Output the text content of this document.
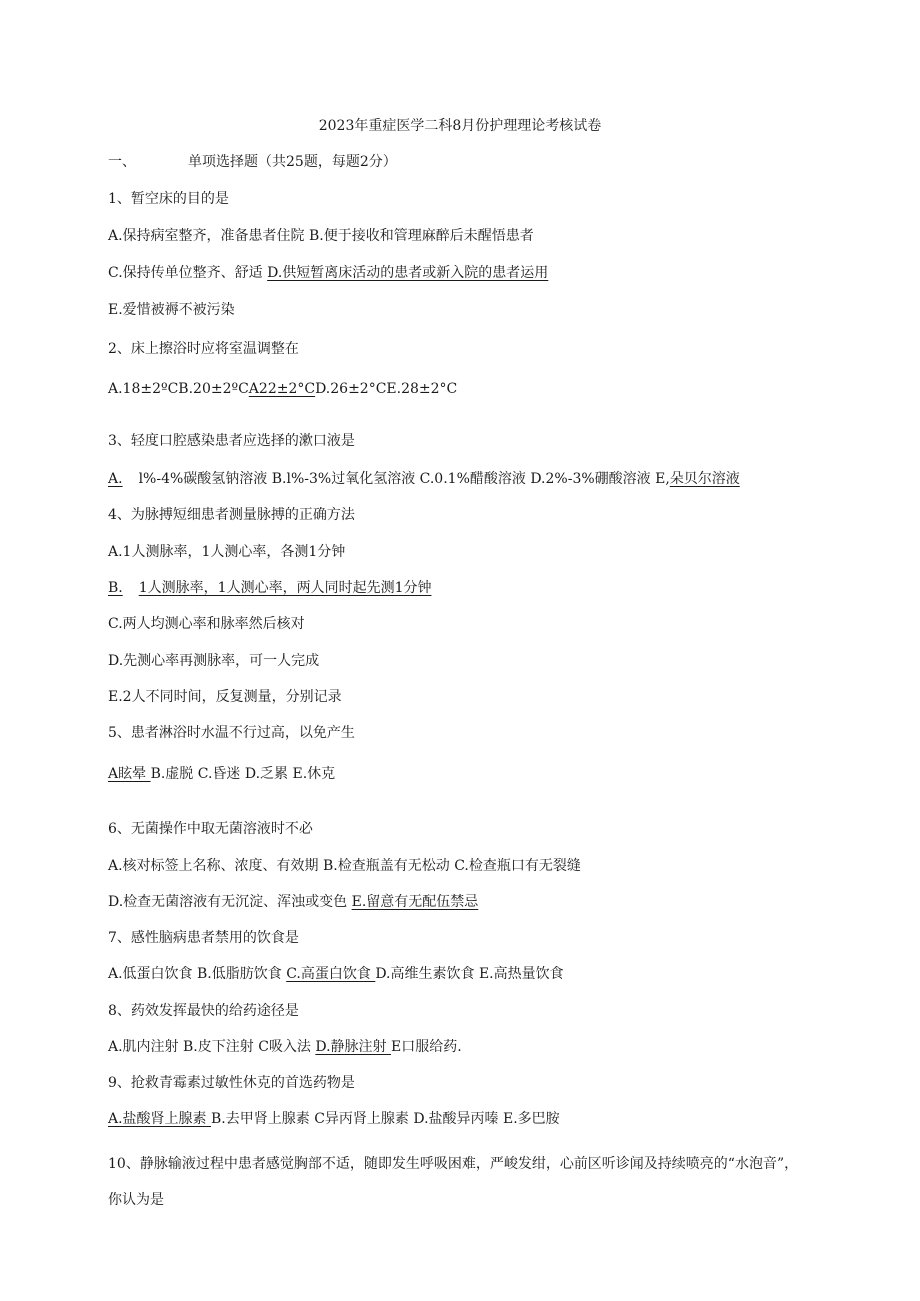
2023年重症医学二科8月份护理理论考核试卷
一、	单项选择题（共25题，每题2分）
1、暂空床的目的是
A.保持病室整齐，准备患者住院 B.便于接收和管理麻醉后未醒悟患者
C.保持传单位整齐、舒适 D.供短暂离床活动的患者或新入院的患者运用
E.爱惜被褥不被污染
2、床上擦浴时应将室温调整在
A.18±2ºCB.20±2ºCA22±2°CD.26±2°CE.28±2°C
3、轻度口腔感染患者应选择的漱口液是
A. l%-4%碳酸氢钠溶液 B.l%-3%过氧化氢溶液 C.0.1%醋酸溶液 D.2%-3%硼酸溶液 E,朵贝尔溶液
4、为脉搏短细患者测量脉搏的正确方法
A.1人测脉率，1人测心率，各测1分钟
B. 1人测脉率，1人测心率，两人同时起先测1分钟
C.两人均测心率和脉率然后核对
D.先测心率再测脉率，可一人完成
E.2人不同时间，反复测量，分别记录
5、患者淋浴时水温不行过高，以免产生
A眩晕 B.虚脱 C.昏迷 D.乏累 E.休克
6、无菌操作中取无菌溶液时不必
A.核对标签上名称、浓度、有效期 B.检查瓶盖有无松动 C.检查瓶口有无裂缝
D.检查无菌溶液有无沉淀、浑浊或变色 E.留意有无配伍禁忌
7、感性脑病患者禁用的饮食是
A.低蛋白饮食 B.低脂肪饮食 C.高蛋白饮食 D.高维生素饮食 E.高热量饮食
8、药效发挥最快的给药途径是
A.肌内注射 B.皮下注射 C吸入法 D.静脉注射 E口服给药.
9、抢救青霉素过敏性休克的首选药物是
A.盐酸肾上腺素 B.去甲肾上腺素 C异丙肾上腺素 D.盐酸异丙嗪 E.多巴胺
10、静脉输液过程中患者感觉胸部不适，随即发生呼吸困难，严峻发绀，心前区听诊闻及持续喷亮的“水泡音”，你认为是
